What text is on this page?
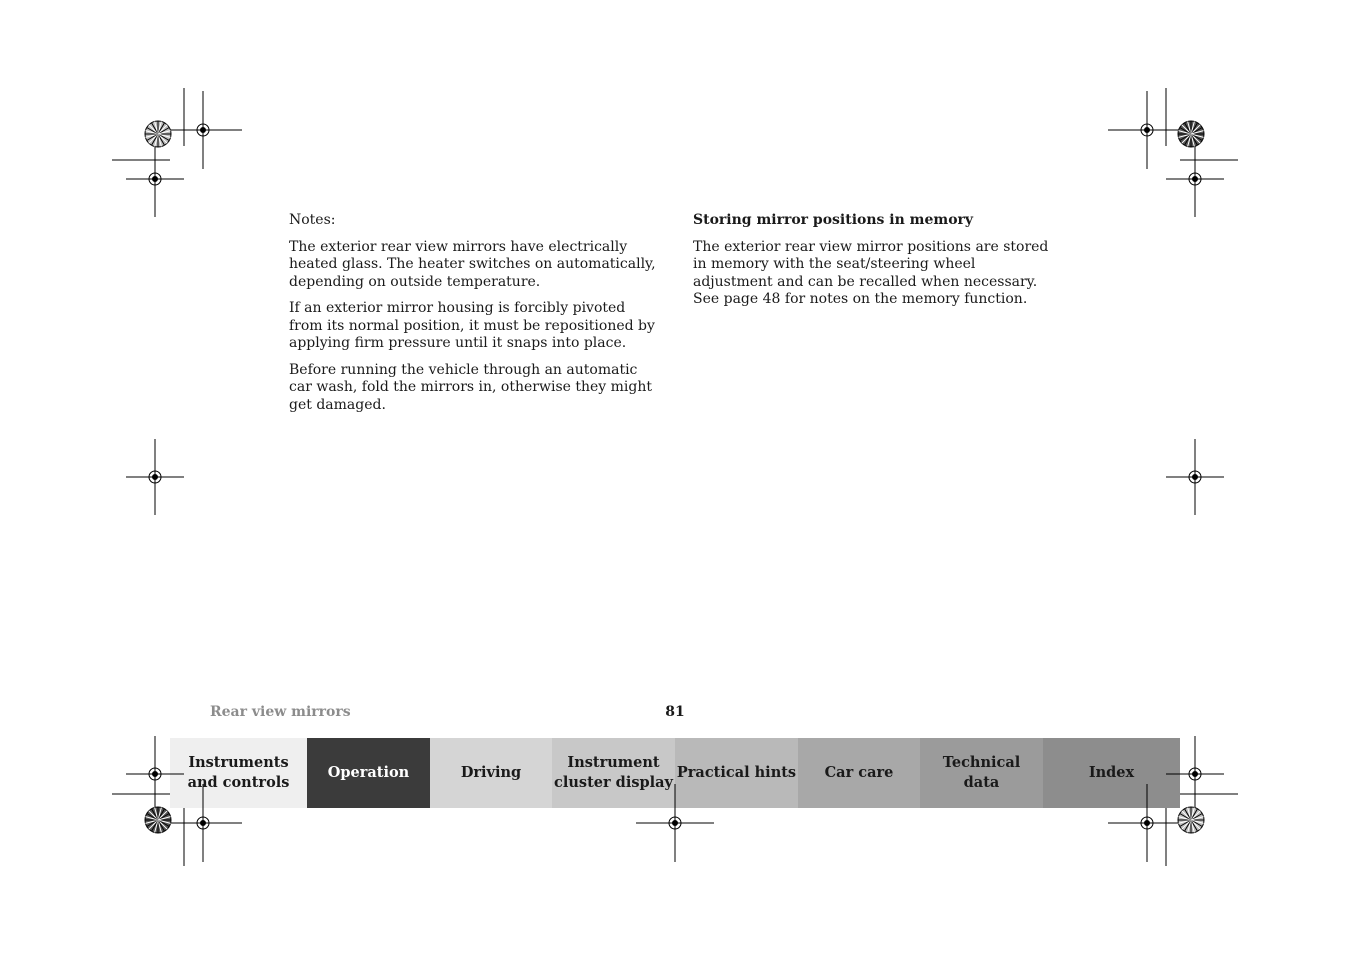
Notes:

The exterior rear view mirrors have electrically heated glass. The heater switches on automatically, depending on outside temperature.

If an exterior mirror housing is forcibly pivoted from its normal position, it must be repositioned by applying firm pressure until it snaps into place.

Before running the vehicle through an automatic car wash, fold the mirrors in, otherwise they might get damaged.

Storing mirror positions in memory

The exterior rear view mirror positions are stored in memory with the seat/steering wheel adjustment and can be recalled when necessary. See page 48 for notes on the memory function.

Rear view mirrors	81
Instruments
and controls
Operation	Driving
Instrument
cluster display
Practical hints Car care
Technical
data
Index
